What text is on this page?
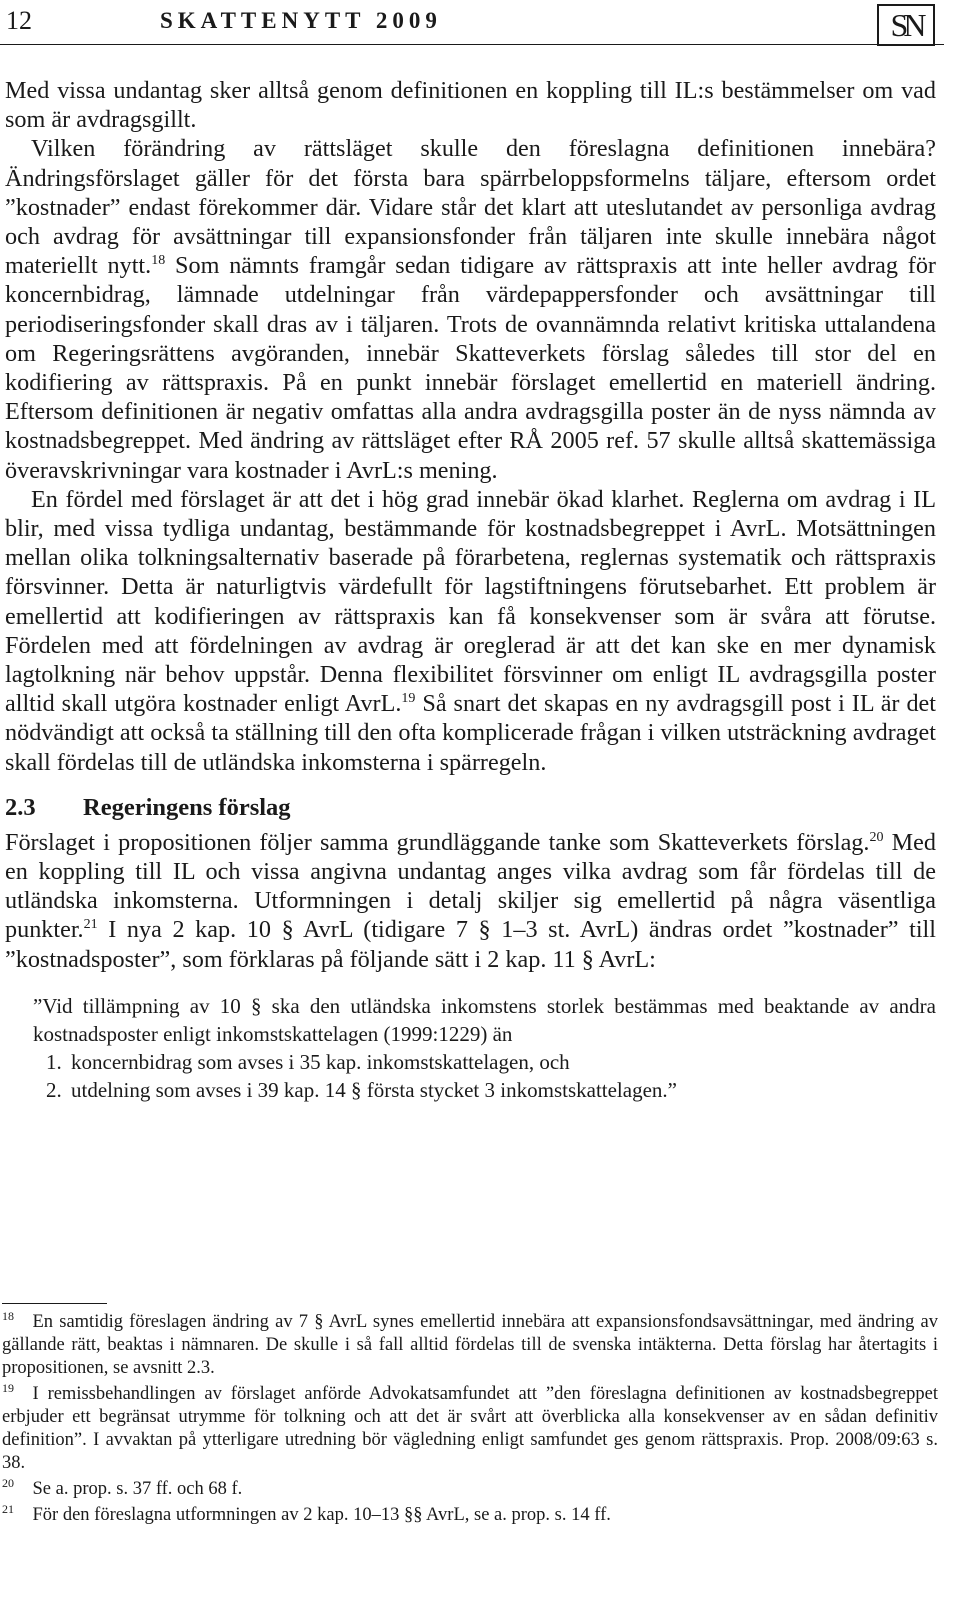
12	SKATTENYTT 2009	SN

Med vissa undantag sker alltså genom definitionen en koppling till IL:s bestämmelser om vad som är avdragsgillt.

Vilken förändring av rättsläget skulle den föreslagna definitionen innebära? Ändringsförslaget gäller för det första bara spärrbeloppsformelns täljare, eftersom ordet ”kostnader” endast förekommer där. Vidare står det klart att uteslutandet av personliga avdrag och avdrag för avsättningar till expansionsfonder från täljaren inte skulle innebära något materiellt nytt.$^{18}$ Som nämnts framgår sedan tidigare av rättspraxis att inte heller avdrag för koncernbidrag, lämnade utdelningar från värdepappersfonder och avsättningar till periodiseringsfonder skall dras av i täljaren. Trots de ovannämnda relativt kritiska uttalandena om Regeringsrättens avgöranden, innebär Skatteverkets förslag således till stor del en kodifiering av rättspraxis. På en punkt innebär förslaget emellertid en materiell ändring. Eftersom definitionen är negativ omfattas alla andra avdragsgilla poster än de nyss nämnda av kostnadsbegreppet. Med ändring av rättsläget efter RÅ 2005 ref. 57 skulle alltså skattemässiga överavskrivningar vara kostnader i AvrL:s mening.

En fördel med förslaget är att det i hög grad innebär ökad klarhet. Reglerna om avdrag i IL blir, med vissa tydliga undantag, bestämmande för kostnadsbegreppet i AvrL. Motsättningen mellan olika tolkningsalternativ baserade på förarbetena, reglernas systematik och rättspraxis försvinner. Detta är naturligtvis värdefullt för lagstiftningens förutsebarhet. Ett problem är emellertid att kodifieringen av rättspraxis kan få konsekvenser som är svåra att förutse. Fördelen med att fördelningen av avdrag är oreglerad är att det kan ske en mer dynamisk lagtolkning när behov uppstår. Denna flexibilitet försvinner om enligt IL avdragsgilla poster alltid skall utgöra kostnader enligt AvrL.$^{19}$ Så snart det skapas en ny avdragsgill post i IL är det nödvändigt att också ta ställning till den ofta komplicerade frågan i vilken utsträckning avdraget skall fördelas till de utländska inkomsterna i spärregeln.

2.3 Regeringens förslag

Förslaget i propositionen följer samma grundläggande tanke som Skatteverkets förslag.$^{20}$ Med en koppling till IL och vissa angivna undantag anges vilka avdrag som får fördelas till de utländska inkomsterna. Utformningen i detalj skiljer sig emellertid på några väsentliga punkter.$^{21}$ I nya 2 kap. 10 § AvrL (tidigare 7 § 1–3 st. AvrL) ändras ordet ”kostnader” till ”kostnadsposter”, som förklaras på följande sätt i 2 kap. 11 § AvrL:

”Vid tillämpning av 10 § ska den utländska inkomstens storlek bestämmas med beaktande av andra kostnadsposter enligt inkomstskattelagen (1999:1229) än
1. koncernbidrag som avses i 35 kap. inkomstskattelagen, och
2. utdelning som avses i 39 kap. 14 § första stycket 3 inkomstskattelagen.”

$^{18}$  En samtidig föreslagen ändring av 7 § AvrL synes emellertid innebära att expansionsfondsavsättningar, med ändring av gällande rätt, beaktas i nämnaren. De skulle i så fall alltid fördelas till de svenska intäkterna. Detta förslag har återtagits i propositionen, se avsnitt 2.3.

$^{19}$  I remissbehandlingen av förslaget anförde Advokatsamfundet att ”den föreslagna definitionen av kostnadsbegreppet erbjuder ett begränsat utrymme för tolkning och att det är svårt att överblicka alla konsekvenser av en sådan definitiv definition”. I avvaktan på ytterligare utredning bör vägledning enligt samfundet ges genom rättspraxis. Prop. 2008/09:63 s. 38.

$^{20}$  Se a. prop. s. 37 ff. och 68 f.

$^{21}$  För den föreslagna utformningen av 2 kap. 10–13 §§ AvrL, se a. prop. s. 14 ff.
